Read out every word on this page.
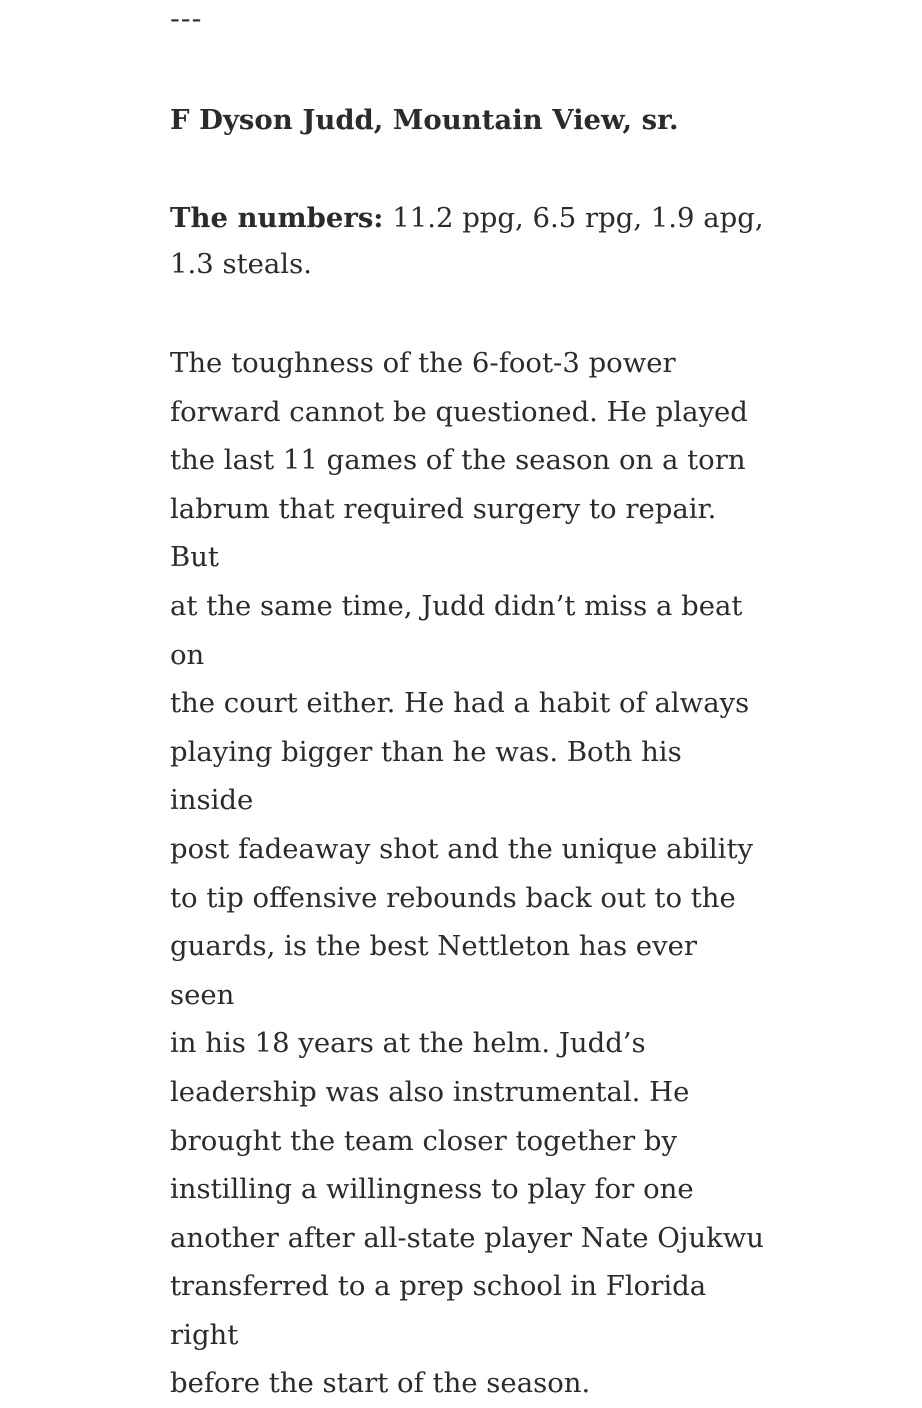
---

F Dyson Judd, Mountain View, sr.

The numbers: 11.2 ppg, 6.5 rpg, 1.9 apg,
1.3 steals.

The toughness of the 6-foot-3 power
forward cannot be questioned. He played
the last 11 games of the season on a torn
labrum that required surgery to repair. But
at the same time, Judd didn’t miss a beat on
the court either. He had a habit of always
playing bigger than he was. Both his inside
post fadeaway shot and the unique ability
to tip offensive rebounds back out to the
guards, is the best Nettleton has ever seen
in his 18 years at the helm. Judd’s
leadership was also instrumental. He
brought the team closer together by
instilling a willingness to play for one
another after all-state player Nate Ojukwu
transferred to a prep school in Florida right
before the start of the season.
